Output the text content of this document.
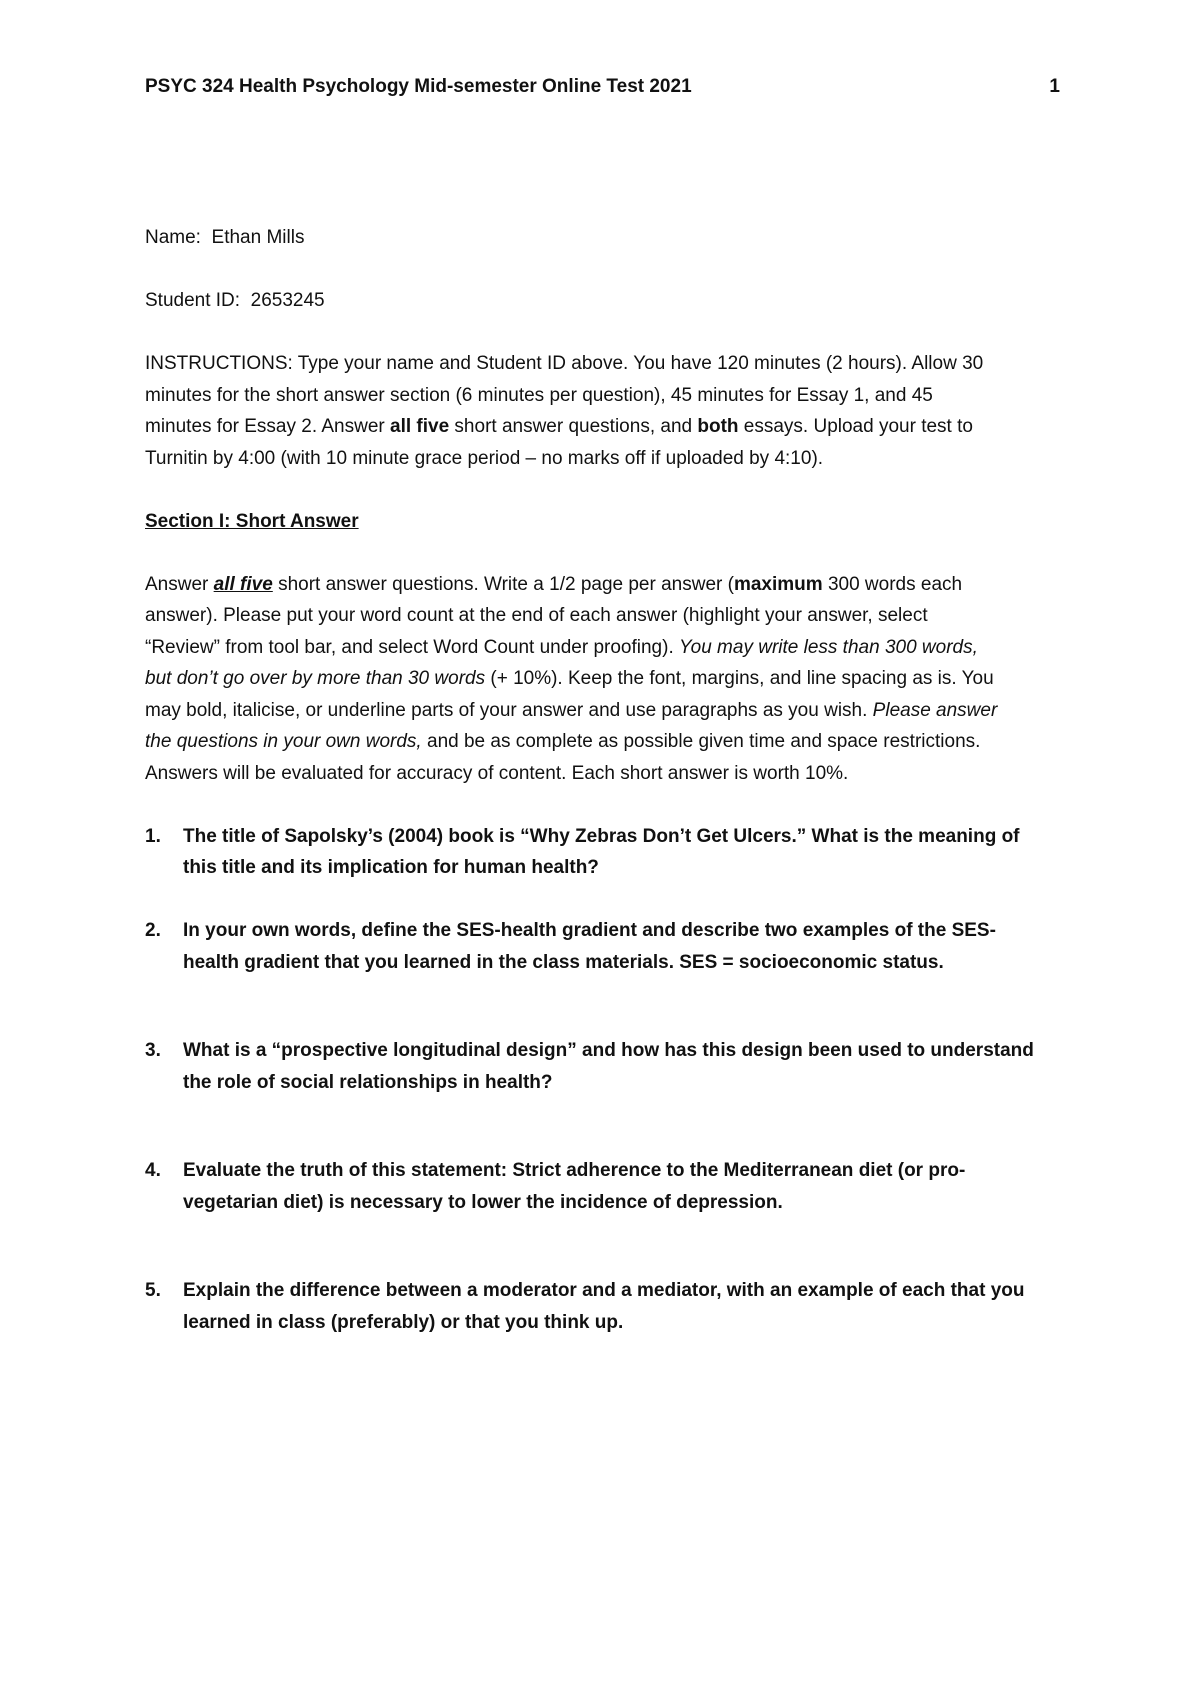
PSYC 324 Health Psychology Mid-semester Online Test 2021	1

Name: Ethan Mills

Student ID: 2653245

INSTRUCTIONS: Type your name and Student ID above. You have 120 minutes (2 hours). Allow 30
minutes for the short answer section (6 minutes per question), 45 minutes for Essay 1, and 45
minutes for Essay 2. Answer all five short answer questions, and both essays. Upload your test to
Turnitin by 4:00 (with 10 minute grace period – no marks off if uploaded by 4:10).

Section I: Short Answer

Answer all five short answer questions. Write a 1/2 page per answer (maximum 300 words each
answer). Please put your word count at the end of each answer (highlight your answer, select
“Review” from tool bar, and select Word Count under proofing). You may write less than 300 words,
but don’t go over by more than 30 words (+ 10%). Keep the font, margins, and line spacing as is. You
may bold, italicise, or underline parts of your answer and use paragraphs as you wish. Please answer
the questions in your own words, and be as complete as possible given time and space restrictions.
Answers will be evaluated for accuracy of content. Each short answer is worth 10%.
1. The title of Sapolsky’s (2004) book is “Why Zebras Don’t Get Ulcers.” What is the meaning of
this title and its implication for human health?
2. In your own words, define the SES-health gradient and describe two examples of the SES-
health gradient that you learned in the class materials. SES = socioeconomic status.
3. What is a “prospective longitudinal design” and how has this design been used to understand
the role of social relationships in health?
4. Evaluate the truth of this statement: Strict adherence to the Mediterranean diet (or pro-
vegetarian diet) is necessary to lower the incidence of depression.
5. Explain the difference between a moderator and a mediator, with an example of each that you
learned in class (preferably) or that you think up.
